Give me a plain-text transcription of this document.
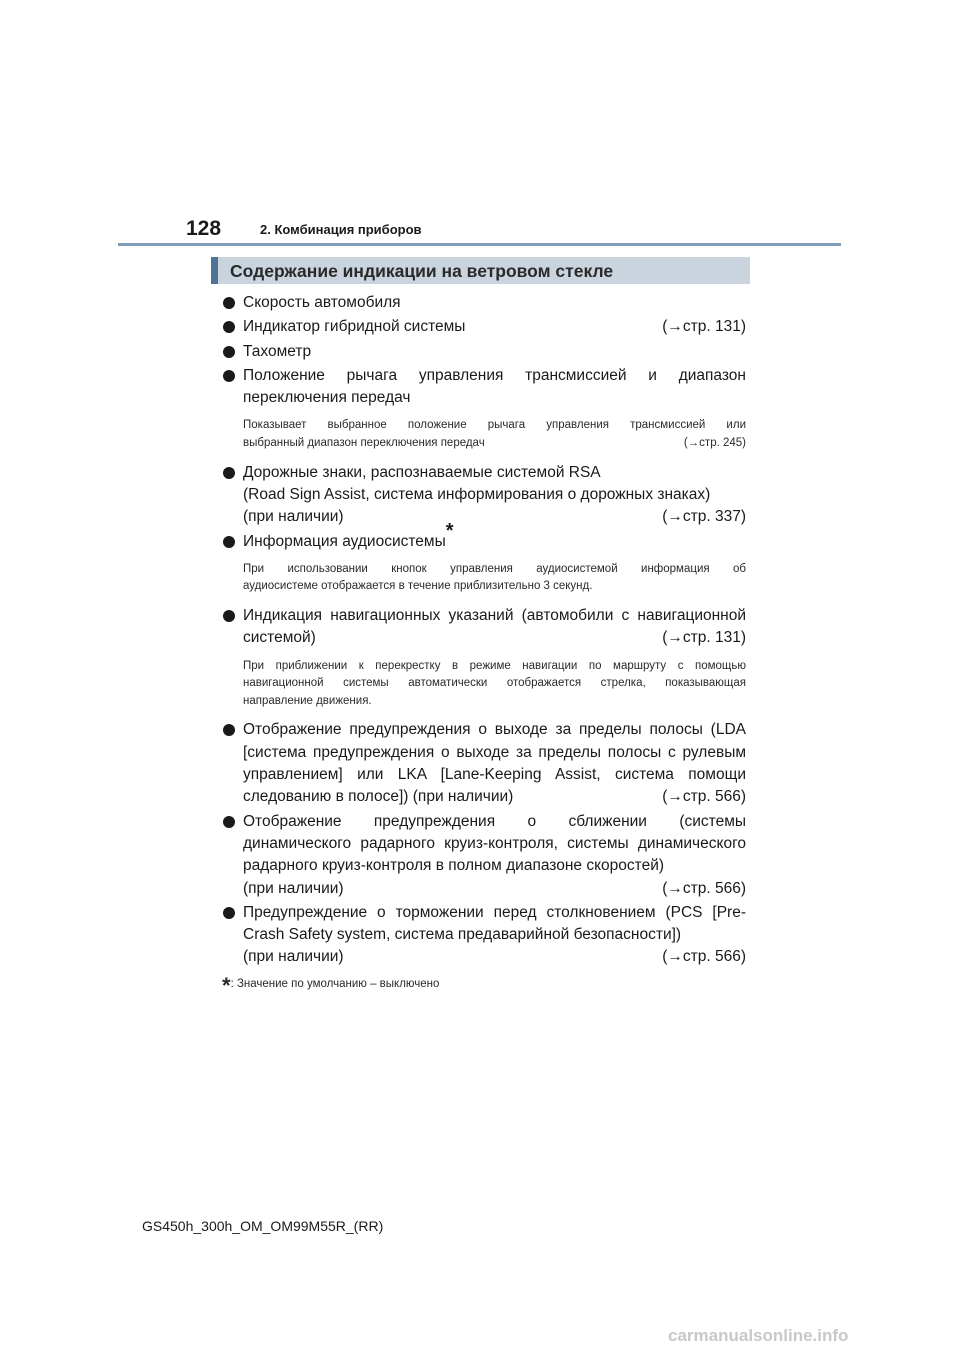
128	2. Комбинация приборов
Содержание индикации на ветровом стекле
Скорость автомобиля
Индикатор гибридной системы	(→стр. 131)
Тахометр
Положение рычага управления трансмиссией и диапазон
переключения передач
Показывает выбранное положение рычага управления трансмиссией или
выбранный диапазон переключения передач	(→стр. 245)
Дорожные знаки, распознаваемые системой RSA
(Road Sign Assist, система информирования о дорожных знаках)
(при наличии)	(→стр. 337)
Информация аудиосистемы*
При использовании кнопок управления аудиосистемой информация об
аудиосистеме отображается в течение приблизительно 3 секунд.
Индикация навигационных указаний (автомобили с навигационной
системой)	(→стр. 131)
При приближении к перекрестку в режиме навигации по маршруту с помощью
навигационной системы автоматически отображается стрелка, показывающая
направление движения.
Отображение предупреждения о выходе за пределы полосы (LDA
[система предупреждения о выходе за пределы полосы с рулевым
управлением] или LKA [Lane-Keeping Assist, система помощи
следованию в полосе]) (при наличии)	(→стр. 566)
Отображение предупреждения о сближении (системы
динамического радарного круиз-контроля, системы динамического
радарного круиз-контроля в полном диапазоне скоростей)
(при наличии)	(→стр. 566)
Предупреждение о торможении перед столкновением (PCS [Pre-
Crash Safety system, система предаварийной безопасности])
(при наличии)	(→стр. 566)
*: Значение по умолчанию – выключено
GS450h_300h_OM_OM99M55R_(RR)
carmanualsonline.info
